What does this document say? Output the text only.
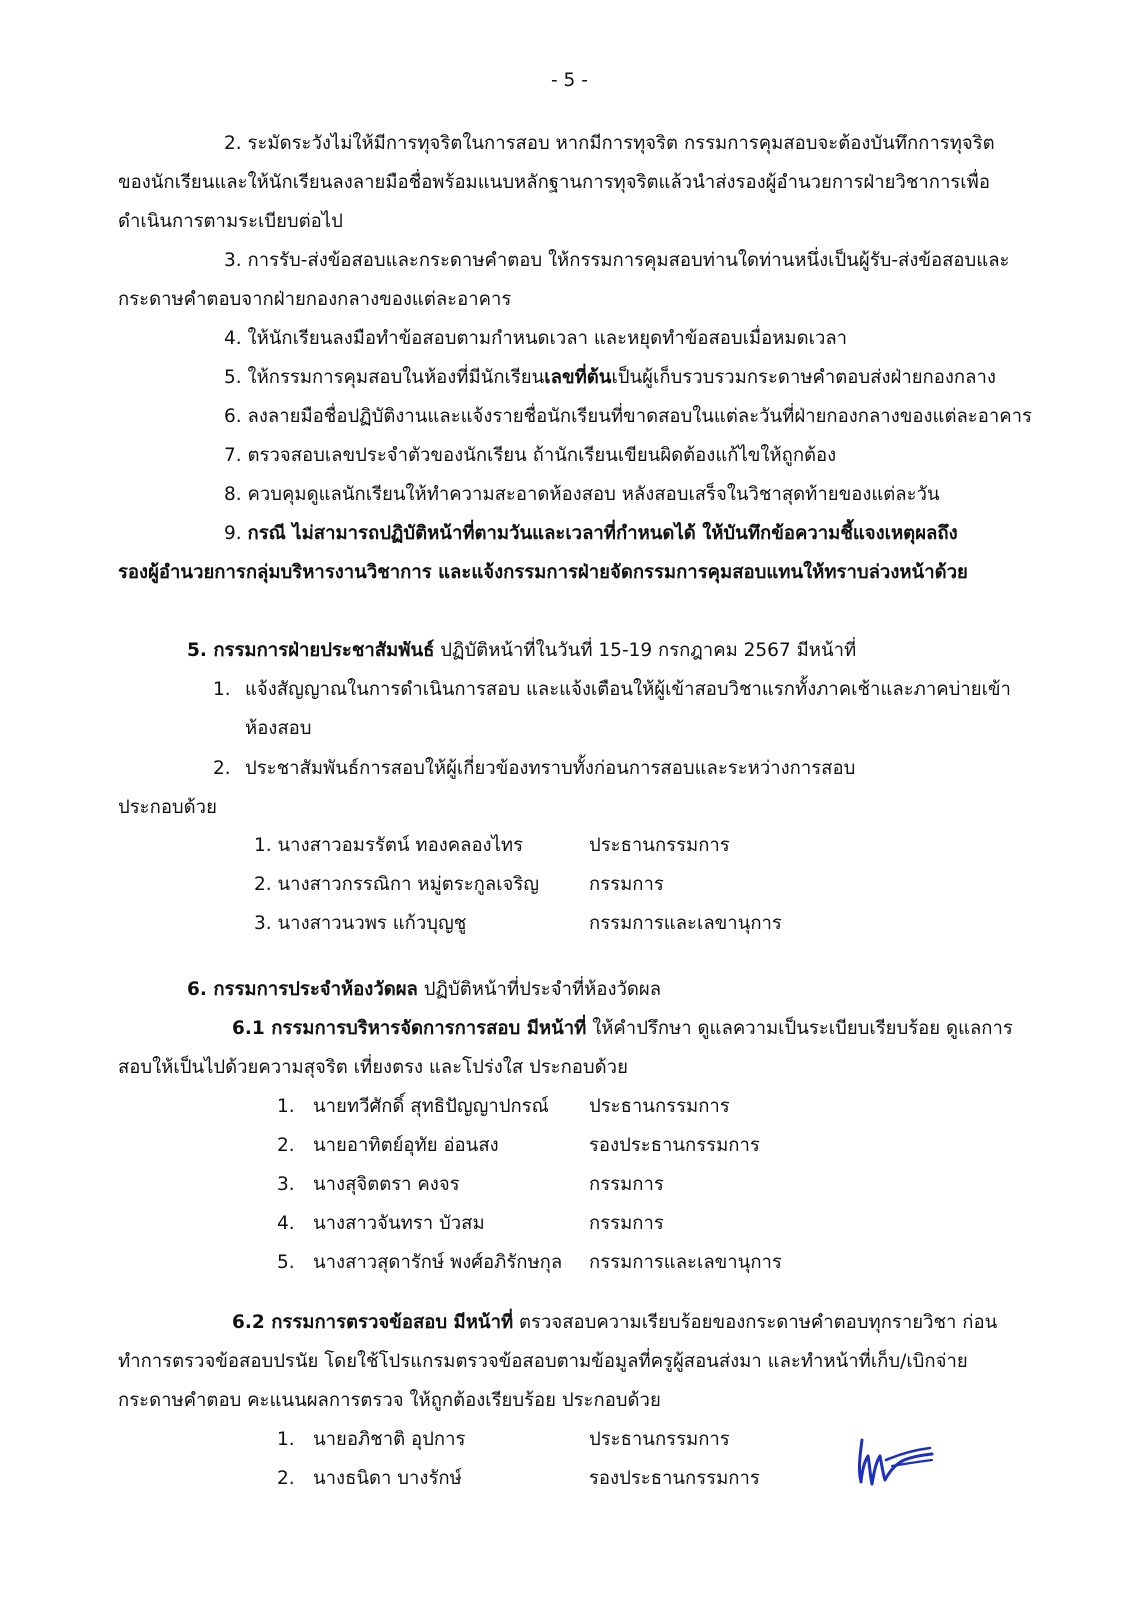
- 5 -
2. ระมัดระวังไม่ให้มีการทุจริตในการสอบ หากมีการทุจริต กรรมการคุมสอบจะต้องบันทึกการทุจริต
ของนักเรียนและให้นักเรียนลงลายมือชื่อพร้อมแนบหลักฐานการทุจริตแล้วนำส่งรองผู้อำนวยการฝ่ายวิชาการเพื่อ
ดำเนินการตามระเบียบต่อไป
3. การรับ-ส่งข้อสอบและกระดาษคำตอบ ให้กรรมการคุมสอบท่านใดท่านหนึ่งเป็นผู้รับ-ส่งข้อสอบและ
กระดาษคำตอบจากฝ่ายกองกลางของแต่ละอาคาร
4. ให้นักเรียนลงมือทำข้อสอบตามกำหนดเวลา และหยุดทำข้อสอบเมื่อหมดเวลา
5. ให้กรรมการคุมสอบในห้องที่มีนักเรียนเลขที่ต้นเป็นผู้เก็บรวบรวมกระดาษคำตอบส่งฝ่ายกองกลาง
6. ลงลายมือชื่อปฏิบัติงานและแจ้งรายชื่อนักเรียนที่ขาดสอบในแต่ละวันที่ฝ่ายกองกลางของแต่ละอาคาร
7. ตรวจสอบเลขประจำตัวของนักเรียน ถ้านักเรียนเขียนผิดต้องแก้ไขให้ถูกต้อง
8. ควบคุมดูแลนักเรียนให้ทำความสะอาดห้องสอบ หลังสอบเสร็จในวิชาสุดท้ายของแต่ละวัน
9. กรณี ไม่สามารถปฏิบัติหน้าที่ตามวันและเวลาที่กำหนดได้ ให้บันทึกข้อความชี้แจงเหตุผลถึง
รองผู้อำนวยการกลุ่มบริหารงานวิชาการ และแจ้งกรรมการฝ่ายจัดกรรมการคุมสอบแทนให้ทราบล่วงหน้าด้วย
5. กรรมการฝ่ายประชาสัมพันธ์ ปฏิบัติหน้าที่ในวันที่ 15-19 กรกฎาคม 2567 มีหน้าที่
1. แจ้งสัญญาณในการดำเนินการสอบ และแจ้งเตือนให้ผู้เข้าสอบวิชาแรกทั้งภาคเช้าและภาคบ่ายเข้า
ห้องสอบ
2. ประชาสัมพันธ์การสอบให้ผู้เกี่ยวข้องทราบทั้งก่อนการสอบและระหว่างการสอบ
ประกอบด้วย
1. นางสาวอมรรัตน์ ทองคลองไทร	ประธานกรรมการ
2. นางสาวกรรณิกา หมู่ตระกูลเจริญ	กรรมการ
3. นางสาวนวพร แก้วบุญชู	กรรมการและเลขานุการ
6. กรรมการประจำห้องวัดผล ปฏิบัติหน้าที่ประจำที่ห้องวัดผล
6.1 กรรมการบริหารจัดการการสอบ มีหน้าที่ ให้คำปรึกษา ดูแลความเป็นระเบียบเรียบร้อย ดูแลการ
สอบให้เป็นไปด้วยความสุจริต เที่ยงตรง และโปร่งใส ประกอบด้วย
1. นายทวีศักดิ์ สุทธิปัญญาปกรณ์ ประธานกรรมการ
2. นายอาทิตย์อุทัย อ่อนสง	รองประธานกรรมการ
3. นางสุจิตตรา คงจร	กรรมการ
4. นางสาวจันทรา บัวสม	กรรมการ
5. นางสาวสุดารักษ์ พงศ์อภิรักษกุล กรรมการและเลขานุการ
6.2 กรรมการตรวจข้อสอบ มีหน้าที่ ตรวจสอบความเรียบร้อยของกระดาษคำตอบทุกรายวิชา ก่อน
ทำการตรวจข้อสอบปรนัย โดยใช้โปรแกรมตรวจข้อสอบตามข้อมูลที่ครูผู้สอนส่งมา และทำหน้าที่เก็บ/เบิกจ่าย
กระดาษคำตอบ คะแนนผลการตรวจ ให้ถูกต้องเรียบร้อย ประกอบด้วย
1. นายอภิชาติ อุปการ	ประธานกรรมการ
2. นางธนิดา บางรักษ์	รองประธานกรรมการ
